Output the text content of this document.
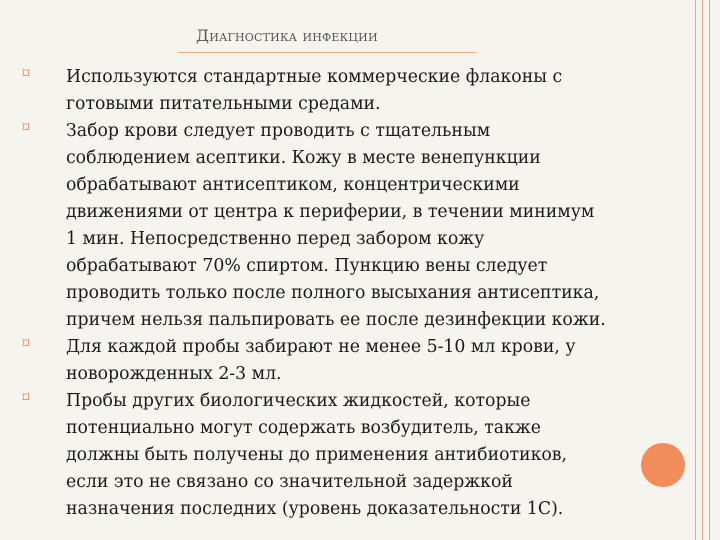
Диагностика инфекции
⌑ Используются стандартные коммерческие флаконы с
готовыми питательными средами.
⌑ Забор крови следует проводить с тщательным
соблюдением асептики. Кожу в месте венепункции
обрабатывают антисептиком, концентрическими
движениями от центра к периферии, в течении минимум
1 мин. Непосредственно перед забором кожу
обрабатывают 70% спиртом. Пункцию вены следует
проводить только после полного высыхания антисептика,
причем нельзя пальпировать ее после дезинфекции кожи.
⌑ Для каждой пробы забирают не менее 5-10 мл крови, у
новорожденных 2-3 мл.
⌑ Пробы других биологических жидкостей, которые
потенциально могут содержать возбудитель, также
должны быть получены до применения антибиотиков,
если это не связано со значительной задержкой
назначения последних (уровень доказательности 1С).
